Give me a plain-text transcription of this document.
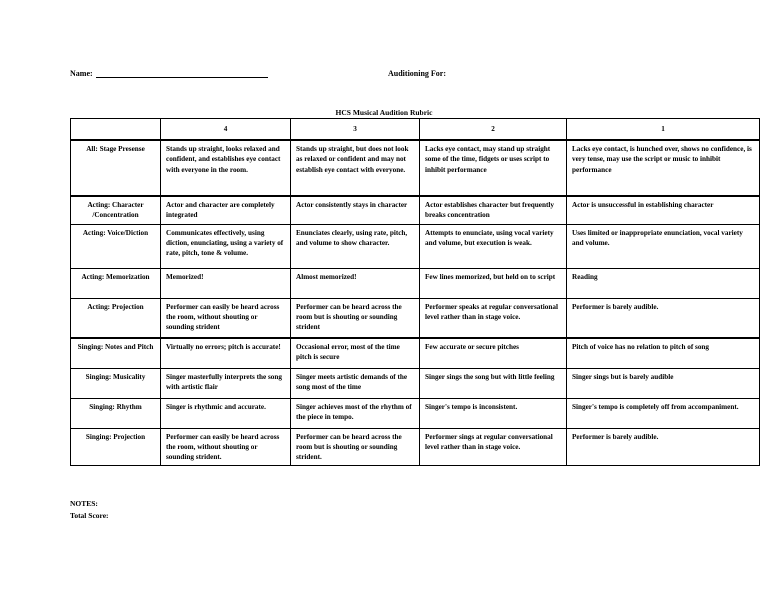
Name:	Auditioning For:
HCS Musical Audition Rubric
	4	3	2	1
All: Stage Presense	Stands up straight, looks relaxed and confident, and establishes eye contact with everyone in the room.	Stands up straight, but does not look as relaxed or confident and may not establish eye contact with everyone.	Lacks eye contact, may stand up straight some of the time, fidgets or uses script to inhibit performance	Lacks eye contact, is hunched over, shows no confidence, is very tense, may use the script or music to inhibit performance
Acting: Character /Concentration	Actor and character are completely integrated	Actor consistently stays in character	Actor establishes character but frequently breaks concentration	Actor is unsuccessful in establishing character
Acting: Voice/Diction	Communicates effectively, using diction, enunciating, using a variety of rate, pitch, tone & volume.	Enunciates clearly, using rate, pitch, and volume to show character.	Attempts to enunciate, using vocal variety and volume, but execution is weak.	Uses limited or inappropriate enunciation, vocal variety and volume.
Acting: Memorization	Memorized!	Almost memorized!	Few lines memorized, but held on to script	Reading
Acting: Projection	Performer can easily be heard across the room, without shouting or sounding strident	Performer can be heard across the room but is shouting or sounding strident	Performer speaks at regular conversational level rather than in stage voice.	Performer is barely audible.
Singing: Notes and Pitch	Virtually no errors; pitch is accurate!	Occasional error, most of the time pitch is secure	Few accurate or secure pitches	Pitch of voice has no relation to pitch of song
Singing: Musicality	Singer masterfully interprets the song with artistic flair	Singer meets artistic demands of the song most of the time	Singer sings the song but with little feeling	Singer sings but is barely audible
Singing: Rhythm	Singer is rhythmic and accurate.	Singer achieves most of the rhythm of the piece in tempo.	Singer's tempo is inconsistent.	Singer's tempo is completely off from accompaniment.
Singing: Projection	Performer can easily be heard across the room, without shouting or sounding strident.	Performer can be heard across the room but is shouting or sounding strident.	Performer sings at regular conversational level rather than in stage voice.	Performer is barely audible.
NOTES:
Total Score:
